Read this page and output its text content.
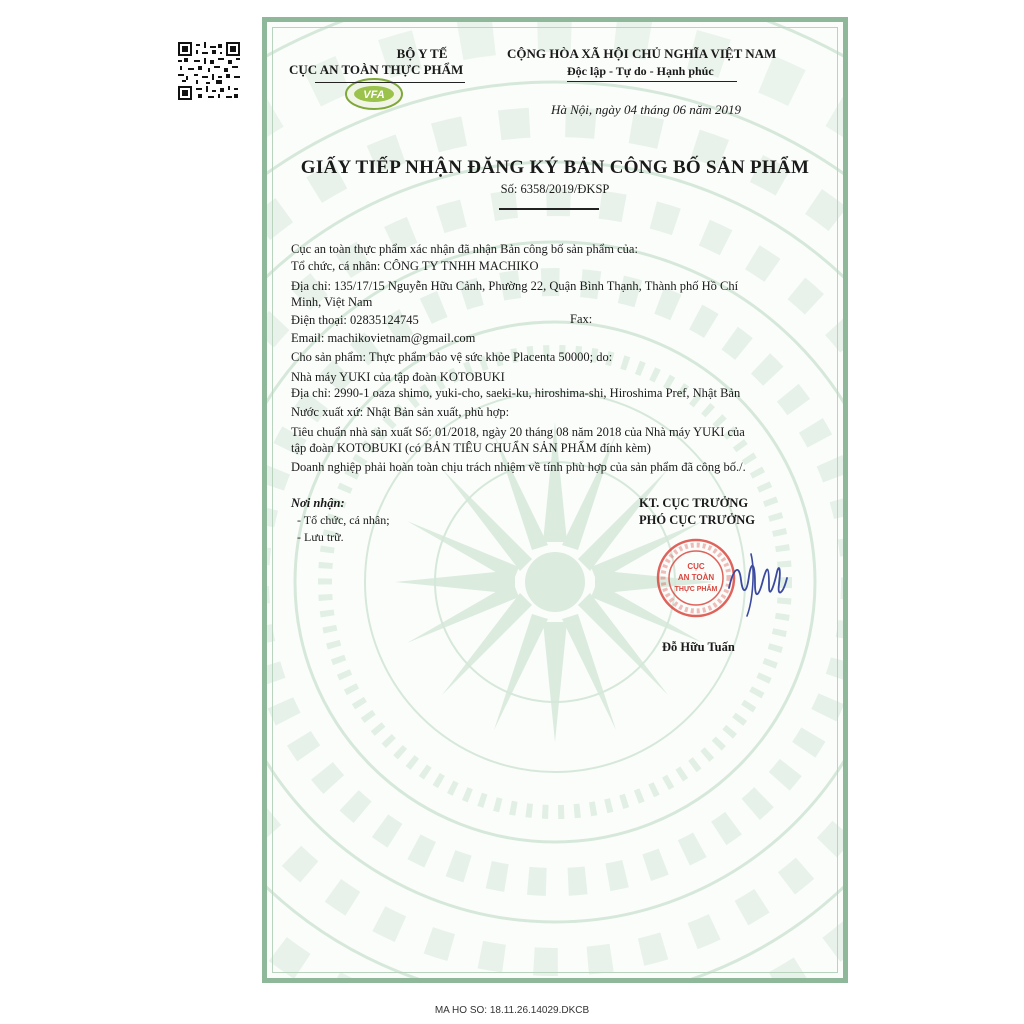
VFA
BỘ Y TẾ
CỤC AN TOÀN THỰC PHẨM
CỘNG HÒA XÃ HỘI CHỦ NGHĨA VIỆT NAM
Độc lập - Tự do - Hạnh phúc
Hà Nội, ngày 04 tháng 06 năm 2019
GIẤY TIẾP NHẬN ĐĂNG KÝ BẢN CÔNG BỐ SẢN PHẨM
Số: 6358/2019/ĐKSP
Cục an toàn thực phẩm xác nhận đã nhận Bản công bố sản phẩm của:
Tổ chức, cá nhân: CÔNG TY TNHH MACHIKO
Địa chỉ: 135/17/15 Nguyễn Hữu Cảnh, Phường 22, Quận Bình Thạnh, Thành phố Hồ Chí
Minh, Việt Nam
Điện thoại: 02835124745	Fax:
Email: machikovietnam@gmail.com
Cho sản phẩm: Thực phẩm bảo vệ sức khỏe Placenta 50000; do:
Nhà máy YUKI của tập đoàn KOTOBUKI
Địa chỉ: 2990-1 oaza shimo, yuki-cho, saeki-ku, hiroshima-shi, Hiroshima Pref, Nhật Bản
Nước xuất xứ: Nhật Bản sản xuất, phù hợp:
Tiêu chuẩn nhà sản xuất Số: 01/2018, ngày 20 tháng 08 năm 2018 của Nhà máy YUKI của
tập đoàn KOTOBUKI (có BẢN TIÊU CHUẨN SẢN PHẨM đính kèm)
Doanh nghiệp phải hoàn toàn chịu trách nhiệm về tính phù hợp của sản phẩm đã công bố./.
Nơi nhận:
- Tổ chức, cá nhân;
- Lưu trữ.
KT. CỤC TRƯỞNG
PHÓ CỤC TRƯỞNG
CỤC
AN TOÀN
THỰC PHẨM
Đỗ Hữu Tuấn
MA HO SO: 18.11.26.14029.DKCB
